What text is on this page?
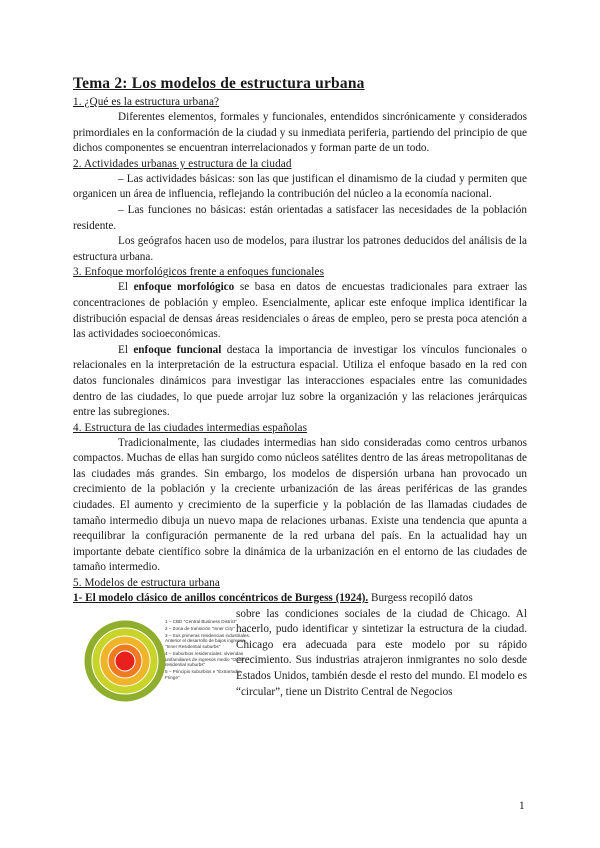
Tema 2: Los modelos de estructura urbana
1. ¿Qué es la estructura urbana?

Diferentes elementos, formales y funcionales, entendidos sincrónicamente y considerados primordiales en la conformación de la ciudad y su inmediata periferia, partiendo del principio de que dichos componentes se encuentran interrelacionados y forman parte de un todo.

2. Actividades urbanas y estructura de la ciudad

– Las actividades básicas: son las que justifican el dinamismo de la ciudad y permiten que organicen un área de influencia, reflejando la contribución del núcleo a la economía nacional.

– Las funciones no básicas: están orientadas a satisfacer las necesidades de la población residente.

Los geógrafos hacen uso de modelos, para ilustrar los patrones deducidos del análisis de la estructura urbana.

3. Enfoque morfológicos frente a enfoques funcionales

El enfoque morfológico se basa en datos de encuestas tradicionales para extraer las concentraciones de población y empleo. Esencialmente, aplicar este enfoque implica identificar la distribución espacial de densas áreas residenciales o áreas de empleo, pero se presta poca atención a las actividades socioeconómicas.

El enfoque funcional destaca la importancia de investigar los vínculos funcionales o relacionales en la interpretación de la estructura espacial. Utiliza el enfoque basado en la red con datos funcionales dinámicos para investigar las interacciones espaciales entre las comunidades dentro de las ciudades, lo que puede arrojar luz sobre la organización y las relaciones jerárquicas entre las subregiones.

4. Estructura de las ciudades intermedias españolas

Tradicionalmente, las ciudades intermedias han sido consideradas como centros urbanos compactos. Muchas de ellas han surgido como núcleos satélites dentro de las áreas metropolitanas de las ciudades más grandes. Sin embargo, los modelos de dispersión urbana han provocado un crecimiento de la población y la creciente urbanización de las áreas periféricas de las grandes ciudades. El aumento y crecimiento de la superficie y la población de las llamadas ciudades de tamaño intermedio dibuja un nuevo mapa de relaciones urbanas. Existe una tendencia que apunta a reequilibrar la configuración permanente de la red urbana del país. En la actualidad hay un importante debate científico sobre la dinámica de la urbanización en el entorno de las ciudades de tamaño intermedio.

5. Modelos de estructura urbana
1- El modelo clásico de anillos concéntricos de Burgess (1924). Burgess recopiló datos
1 – CBD "Central Business District"
2 – Zona de transición "Inner City"
3 – Sus primeras residencias industriales. Anterior el desarrollo de bajos ingresos "Inner Residential suburbs"
4 – Suburbios residenciales: viviendas unifamiliares de ingresos medio "Outer residential suburbs"
5 – Principio suburbios e "Extrarradio Fringe"

sobre las condiciones sociales de la ciudad de Chicago. Al hacerlo, pudo identificar y sintetizar la estructura de la ciudad. Chicago era adecuada para este modelo por su rápido crecimiento. Sus industrias atrajeron inmigrantes no solo desde Estados Unidos, también desde el resto del mundo. El modelo es “circular”, tiene un Distrito Central de Negocios

1
